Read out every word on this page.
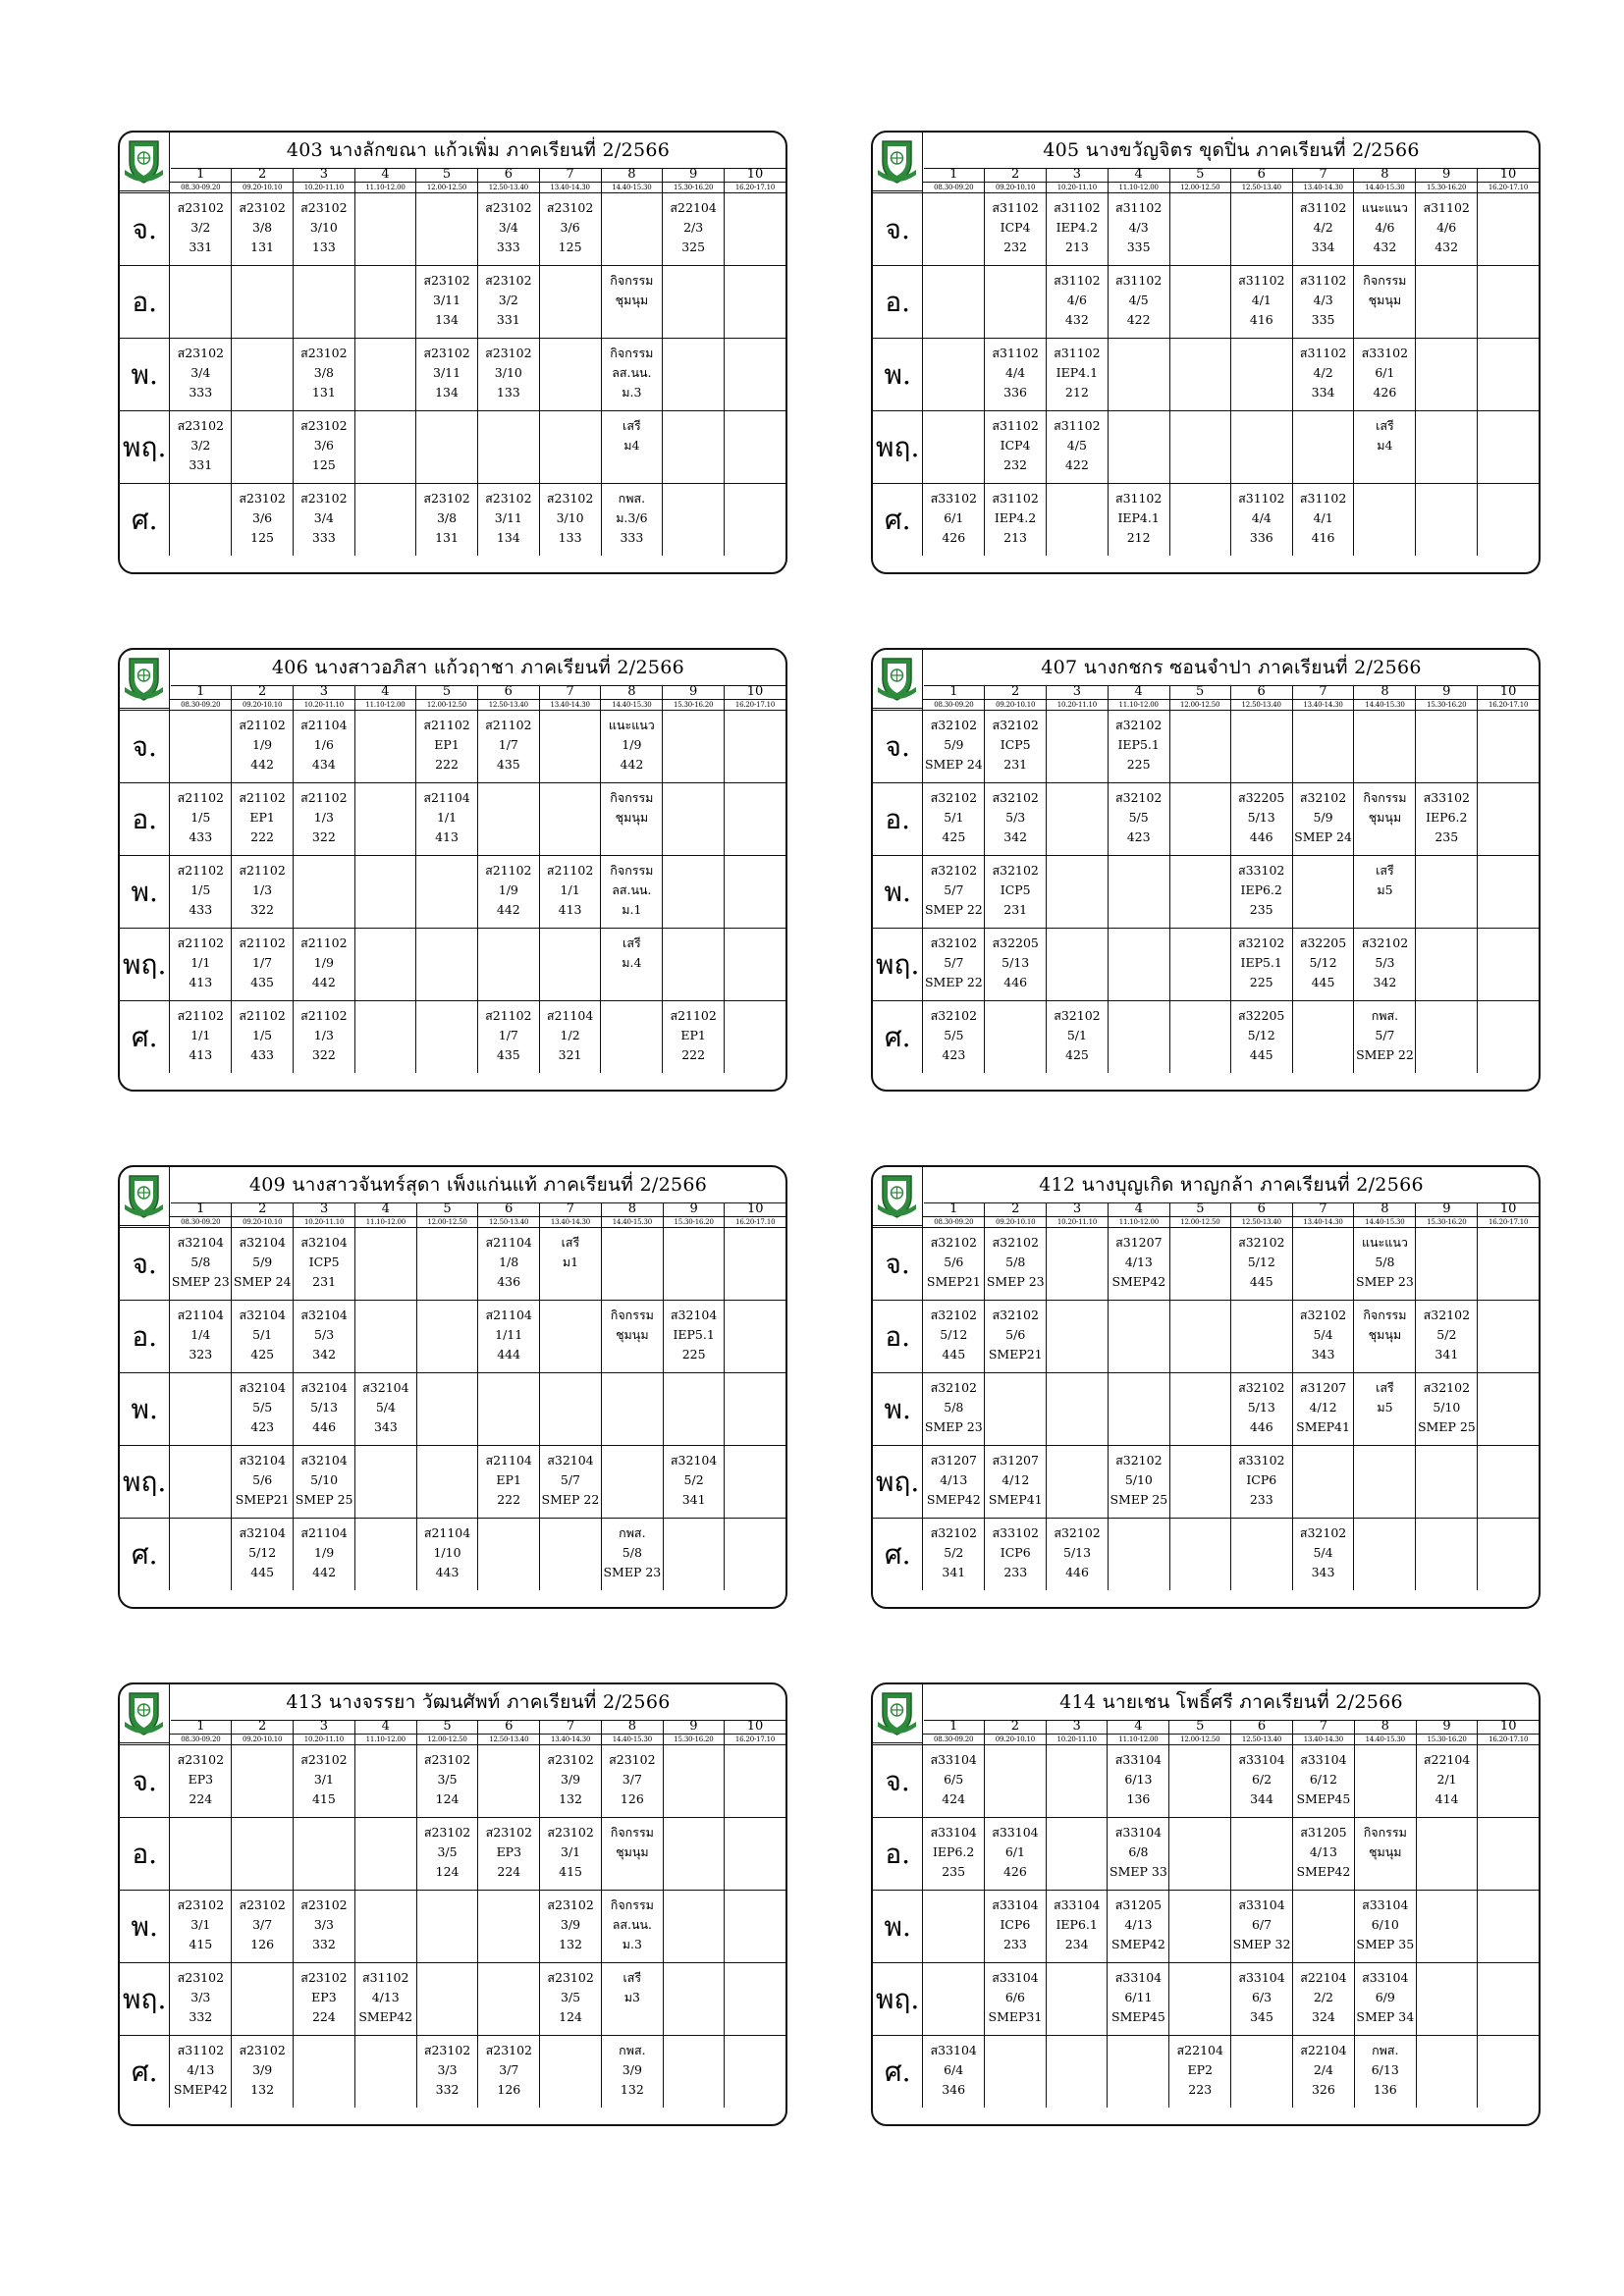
403 นางลักขณา แก้วเพิ่ม ภาคเรียนที่ 2/2566
	1	2	3	4	5	6	7	8	9	10
	08.30-09.20	09.20-10.10	10.20-11.10	11.10-12.00	12.00-12.50	12.50-13.40	13.40-14.30	14.40-15.30	15.30-16.20	16.20-17.10
จ.	ส23102
3/2
331	ส23102
3/8
131	ส23102
3/10
133			ส23102
3/4
333	ส23102
3/6
125		ส22104
2/3
325	

อ.					ส23102
3/11
134	ส23102
3/2
331		กิจกรรม
ชุมนุม		

พ.	ส23102
3/4
333		ส23102
3/8
131		ส23102
3/11
134	ส23102
3/10
133		กิจกรรม
ลส.นน.
ม.3		

พฤ.	ส23102
3/2
331		ส23102
3/6
125					เสรี
ม4		

ศ.		ส23102
3/6
125	ส23102
3/4
333		ส23102
3/8
131	ส23102
3/11
134	ส23102
3/10
133	กพส.
ม.3/6
333		

405 นางขวัญจิตร ขุดปิ่น ภาคเรียนที่ 2/2566
	1	2	3	4	5	6	7	8	9	10
	08.30-09.20	09.20-10.10	10.20-11.10	11.10-12.00	12.00-12.50	12.50-13.40	13.40-14.30	14.40-15.30	15.30-16.20	16.20-17.10
จ.		ส31102
ICP4
232	ส31102
IEP4.2
213	ส31102
4/3
335			ส31102
4/2
334	แนะแนว
4/6
432	ส31102
4/6
432	

อ.			ส31102
4/6
432	ส31102
4/5
422		ส31102
4/1
416	ส31102
4/3
335	กิจกรรม
ชุมนุม		

พ.		ส31102
4/4
336	ส31102
IEP4.1
212				ส31102
4/2
334	ส33102
6/1
426		

พฤ.		ส31102
ICP4
232	ส31102
4/5
422					เสรี
ม4		

ศ.	ส33102
6/1
426	ส31102
IEP4.2
213		ส31102
IEP4.1
212		ส31102
4/4
336	ส31102
4/1
416			

406 นางสาวอภิสา แก้วฤาชา ภาคเรียนที่ 2/2566
	1	2	3	4	5	6	7	8	9	10
	08.30-09.20	09.20-10.10	10.20-11.10	11.10-12.00	12.00-12.50	12.50-13.40	13.40-14.30	14.40-15.30	15.30-16.20	16.20-17.10
จ.		ส21102
1/9
442	ส21104
1/6
434		ส21102
EP1
222	ส21102
1/7
435		แนะแนว
1/9
442		

อ.	ส21102
1/5
433	ส21102
EP1
222	ส21102
1/3
322		ส21104
1/1
413			กิจกรรม
ชุมนุม		

พ.	ส21102
1/5
433	ส21102
1/3
322				ส21102
1/9
442	ส21102
1/1
413	กิจกรรม
ลส.นน.
ม.1		

พฤ.	ส21102
1/1
413	ส21102
1/7
435	ส21102
1/9
442					เสรี
ม.4		

ศ.	ส21102
1/1
413	ส21102
1/5
433	ส21102
1/3
322			ส21102
1/7
435	ส21104
1/2
321		ส21102
EP1
222	

407 นางกชกร ซอนจำปา ภาคเรียนที่ 2/2566
	1	2	3	4	5	6	7	8	9	10
	08.30-09.20	09.20-10.10	10.20-11.10	11.10-12.00	12.00-12.50	12.50-13.40	13.40-14.30	14.40-15.30	15.30-16.20	16.20-17.10
จ.	ส32102
5/9
SMEP 24	ส32102
ICP5
231		ส32102
IEP5.1
225						

อ.	ส32102
5/1
425	ส32102
5/3
342		ส32102
5/5
423		ส32205
5/13
446	ส32102
5/9
SMEP 24	กิจกรรม
ชุมนุม	ส33102
IEP6.2
235	

พ.	ส32102
5/7
SMEP 22	ส32102
ICP5
231				ส33102
IEP6.2
235		เสรี
ม5		

พฤ.	ส32102
5/7
SMEP 22	ส32205
5/13
446				ส32102
IEP5.1
225	ส32205
5/12
445	ส32102
5/3
342		

ศ.	ส32102
5/5
423		ส32102
5/1
425			ส32205
5/12
445		กพส.
5/7
SMEP 22		

409 นางสาวจันทร์สุดา เพ็งแก่นแท้ ภาคเรียนที่ 2/2566
	1	2	3	4	5	6	7	8	9	10
	08.30-09.20	09.20-10.10	10.20-11.10	11.10-12.00	12.00-12.50	12.50-13.40	13.40-14.30	14.40-15.30	15.30-16.20	16.20-17.10
จ.	ส32104
5/8
SMEP 23	ส32104
5/9
SMEP 24	ส32104
ICP5
231			ส21104
1/8
436	เสรี
ม1			

อ.	ส21104
1/4
323	ส32104
5/1
425	ส32104
5/3
342			ส21104
1/11
444		กิจกรรม
ชุมนุม	ส32104
IEP5.1
225	

พ.		ส32104
5/5
423	ส32104
5/13
446	ส32104
5/4
343						

พฤ.		ส32104
5/6
SMEP21	ส32104
5/10
SMEP 25			ส21104
EP1
222	ส32104
5/7
SMEP 22		ส32104
5/2
341	

ศ.		ส32104
5/12
445	ส21104
1/9
442		ส21104
1/10
443			กพส.
5/8
SMEP 23		

412 นางบุญเกิด หาญกล้า ภาคเรียนที่ 2/2566
	1	2	3	4	5	6	7	8	9	10
	08.30-09.20	09.20-10.10	10.20-11.10	11.10-12.00	12.00-12.50	12.50-13.40	13.40-14.30	14.40-15.30	15.30-16.20	16.20-17.10
จ.	ส32102
5/6
SMEP21	ส32102
5/8
SMEP 23		ส31207
4/13
SMEP42		ส32102
5/12
445		แนะแนว
5/8
SMEP 23		

อ.	ส32102
5/12
445	ส32102
5/6
SMEP21					ส32102
5/4
343	กิจกรรม
ชุมนุม	ส32102
5/2
341	

พ.	ส32102
5/8
SMEP 23					ส32102
5/13
446	ส31207
4/12
SMEP41	เสรี
ม5	ส32102
5/10
SMEP 25	

พฤ.	ส31207
4/13
SMEP42	ส31207
4/12
SMEP41		ส32102
5/10
SMEP 25		ส33102
ICP6
233				

ศ.	ส32102
5/2
341	ส33102
ICP6
233	ส32102
5/13
446				ส32102
5/4
343			

413 นางจรรยา วัฒนศัพท์ ภาคเรียนที่ 2/2566
	1	2	3	4	5	6	7	8	9	10
	08.30-09.20	09.20-10.10	10.20-11.10	11.10-12.00	12.00-12.50	12.50-13.40	13.40-14.30	14.40-15.30	15.30-16.20	16.20-17.10
จ.	ส23102
EP3
224		ส23102
3/1
415		ส23102
3/5
124		ส23102
3/9
132	ส23102
3/7
126		

อ.					ส23102
3/5
124	ส23102
EP3
224	ส23102
3/1
415	กิจกรรม
ชุมนุม		

พ.	ส23102
3/1
415	ส23102
3/7
126	ส23102
3/3
332				ส23102
3/9
132	กิจกรรม
ลส.นน.
ม.3		

พฤ.	ส23102
3/3
332		ส23102
EP3
224	ส31102
4/13
SMEP42			ส23102
3/5
124	เสรี
ม3		

ศ.	ส31102
4/13
SMEP42	ส23102
3/9
132			ส23102
3/3
332	ส23102
3/7
126		กพส.
3/9
132		

414 นายเชน โพธิ์ศรี ภาคเรียนที่ 2/2566
	1	2	3	4	5	6	7	8	9	10
	08.30-09.20	09.20-10.10	10.20-11.10	11.10-12.00	12.00-12.50	12.50-13.40	13.40-14.30	14.40-15.30	15.30-16.20	16.20-17.10
จ.	ส33104
6/5
424			ส33104
6/13
136		ส33104
6/2
344	ส33104
6/12
SMEP45		ส22104
2/1
414	

อ.	ส33104
IEP6.2
235	ส33104
6/1
426		ส33104
6/8
SMEP 33			ส31205
4/13
SMEP42	กิจกรรม
ชุมนุม		

พ.		ส33104
ICP6
233	ส33104
IEP6.1
234	ส31205
4/13
SMEP42		ส33104
6/7
SMEP 32		ส33104
6/10
SMEP 35		

พฤ.		ส33104
6/6
SMEP31		ส33104
6/11
SMEP45		ส33104
6/3
345	ส22104
2/2
324	ส33104
6/9
SMEP 34		

ศ.	ส33104
6/4
346				ส22104
EP2
223		ส22104
2/4
326	กพส.
6/13
136		
